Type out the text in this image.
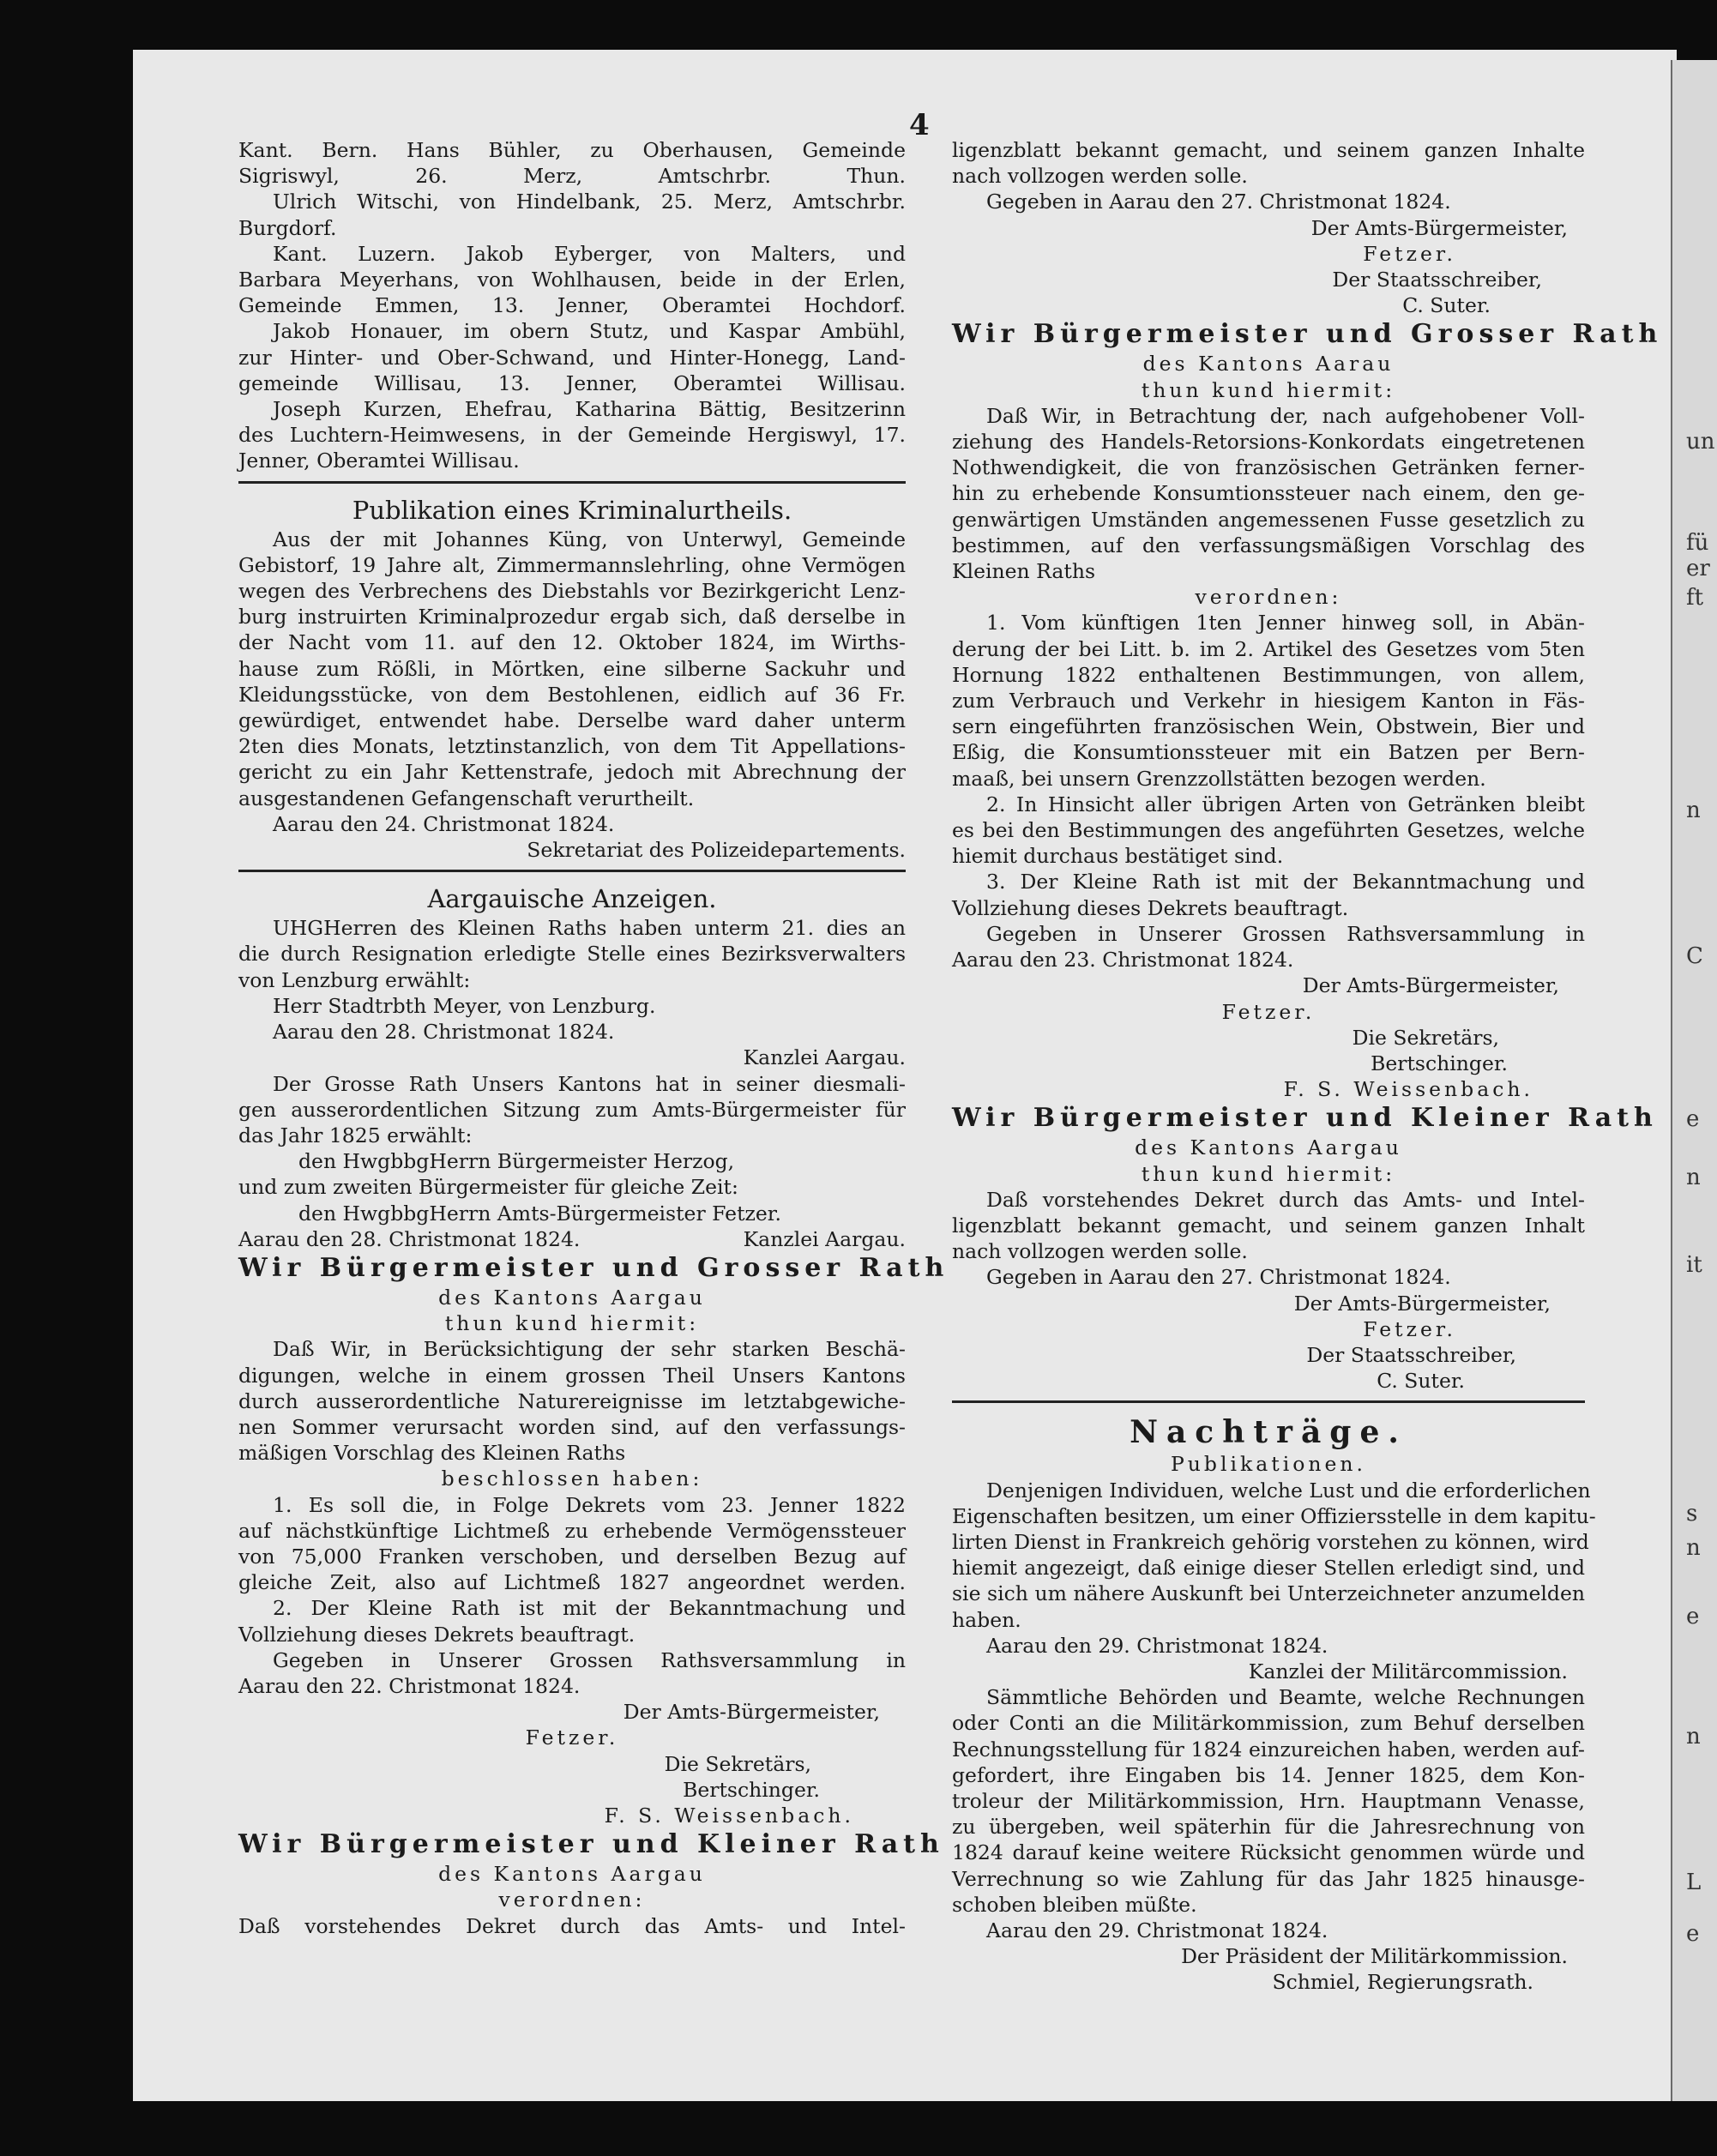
4
Kant. Bern. Hans Bühler, zu Oberhausen, Gemeinde
Sigriswyl, 26. Merz, Amtschrbr. Thun.
Ulrich Witschi, von Hindelbank, 25. Merz, Amtschrbr.
Burgdorf.
Kant. Luzern. Jakob Eyberger, von Malters, und
Barbara Meyerhans, von Wohlhausen, beide in der Erlen,
Gemeinde Emmen, 13. Jenner, Oberamtei Hochdorf.
Jakob Honauer, im obern Stutz, und Kaspar Ambühl,
zur Hinter- und Ober-Schwand, und Hinter-Honegg, Land-
gemeinde Willisau, 13. Jenner, Oberamtei Willisau.
Joseph Kurzen, Ehefrau, Katharina Bättig, Besitzerinn
des Luchtern-Heimwesens, in der Gemeinde Hergiswyl, 17.
Jenner, Oberamtei Willisau.
Publikation eines Kriminalurtheils.
Aus der mit Johannes Küng, von Unterwyl, Gemeinde
Gebistorf, 19 Jahre alt, Zimmermannslehrling, ohne Vermögen
wegen des Verbrechens des Diebstahls vor Bezirkgericht Lenz-
burg instruirten Kriminalprozedur ergab sich, daß derselbe in
der Nacht vom 11. auf den 12. Oktober 1824, im Wirths-
hause zum Rößli, in Mörtken, eine silberne Sackuhr und
Kleidungsstücke, von dem Bestohlenen, eidlich auf 36 Fr.
gewürdiget, entwendet habe. Derselbe ward daher unterm
2ten dies Monats, letztinstanzlich, von dem Tit Appellations-
gericht zu ein Jahr Kettenstrafe, jedoch mit Abrechnung der
ausgestandenen Gefangenschaft verurtheilt.
Aarau den 24. Christmonat 1824.
Sekretariat des Polizeidepartements.
Aargauische Anzeigen.
UHGHerren des Kleinen Raths haben unterm 21. dies an
die durch Resignation erledigte Stelle eines Bezirksverwalters
von Lenzburg erwählt:
Herr Stadtrbth Meyer, von Lenzburg.
Aarau den 28. Christmonat 1824.
Kanzlei Aargau.
Der Grosse Rath Unsers Kantons hat in seiner diesmali-
gen ausserordentlichen Sitzung zum Amts-Bürgermeister für
das Jahr 1825 erwählt:
den HwgbbgHerrn Bürgermeister Herzog,
und zum zweiten Bürgermeister für gleiche Zeit:
den HwgbbgHerrn Amts-Bürgermeister Fetzer.
Aarau den 28. Christmonat 1824.	Kanzlei Aargau.
Wir Bürgermeister und Grosser Rath
des Kantons Aargau
thun kund hiermit:
Daß Wir, in Berücksichtigung der sehr starken Beschä-
digungen, welche in einem grossen Theil Unsers Kantons
durch ausserordentliche Naturereignisse im letztabgewiche-
nen Sommer verursacht worden sind, auf den verfassungs-
mäßigen Vorschlag des Kleinen Raths
beschlossen haben:
1. Es soll die, in Folge Dekrets vom 23. Jenner 1822
auf nächstkünftige Lichtmeß zu erhebende Vermögenssteuer
von 75,000 Franken verschoben, und derselben Bezug auf
gleiche Zeit, also auf Lichtmeß 1827 angeordnet werden.
2. Der Kleine Rath ist mit der Bekanntmachung und
Vollziehung dieses Dekrets beauftragt.
Gegeben in Unserer Grossen Rathsversammlung in
Aarau den 22. Christmonat 1824.
Der Amts-Bürgermeister,
Fetzer.
Die Sekretärs,
Bertschinger.
F. S. Weissenbach.
Wir Bürgermeister und Kleiner Rath
des Kantons Aargau
verordnen:
Daß vorstehendes Dekret durch das Amts- und Intel-
ligenzblatt bekannt gemacht, und seinem ganzen Inhalte
nach vollzogen werden solle.
Gegeben in Aarau den 27. Christmonat 1824.
Der Amts-Bürgermeister,
Fetzer.
Der Staatsschreiber,
C. Suter.
Wir Bürgermeister und Grosser Rath
des Kantons Aarau
thun kund hiermit:
Daß Wir, in Betrachtung der, nach aufgehobener Voll-
ziehung des Handels-Retorsions-Konkordats eingetretenen
Nothwendigkeit, die von französischen Getränken ferner-
hin zu erhebende Konsumtionssteuer nach einem, den ge-
genwärtigen Umständen angemessenen Fusse gesetzlich zu
bestimmen, auf den verfassungsmäßigen Vorschlag des
Kleinen Raths
verordnen:
1. Vom künftigen 1ten Jenner hinweg soll, in Abän-
derung der bei Litt. b. im 2. Artikel des Gesetzes vom 5ten
Hornung 1822 enthaltenen Bestimmungen, von allem,
zum Verbrauch und Verkehr in hiesigem Kanton in Fäs-
sern eingeführten französischen Wein, Obstwein, Bier und
Eßig, die Konsumtionssteuer mit ein Batzen per Bern-
maaß, bei unsern Grenzzollstätten bezogen werden.
2. In Hinsicht aller übrigen Arten von Getränken bleibt
es bei den Bestimmungen des angeführten Gesetzes, welche
hiemit durchaus bestätiget sind.
3. Der Kleine Rath ist mit der Bekanntmachung und
Vollziehung dieses Dekrets beauftragt.
Gegeben in Unserer Grossen Rathsversammlung in
Aarau den 23. Christmonat 1824.
Der Amts-Bürgermeister,
Fetzer.
Die Sekretärs,
Bertschinger.
F. S. Weissenbach.
Wir Bürgermeister und Kleiner Rath
des Kantons Aargau
thun kund hiermit:
Daß vorstehendes Dekret durch das Amts- und Intel-
ligenzblatt bekannt gemacht, und seinem ganzen Inhalt
nach vollzogen werden solle.
Gegeben in Aarau den 27. Christmonat 1824.
Der Amts-Bürgermeister,
Fetzer.
Der Staatsschreiber,
C. Suter.
Nachträge.
Publikationen.
Denjenigen Individuen, welche Lust und die erforderlichen
Eigenschaften besitzen, um einer Offiziersstelle in dem kapitu-
lirten Dienst in Frankreich gehörig vorstehen zu können, wird
hiemit angezeigt, daß einige dieser Stellen erledigt sind, und
sie sich um nähere Auskunft bei Unterzeichneter anzumelden
haben.
Aarau den 29. Christmonat 1824.
Kanzlei der Militärcommission.
Sämmtliche Behörden und Beamte, welche Rechnungen
oder Conti an die Militärkommission, zum Behuf derselben
Rechnungsstellung für 1824 einzureichen haben, werden auf-
gefordert, ihre Eingaben bis 14. Jenner 1825, dem Kon-
troleur der Militärkommission, Hrn. Hauptmann Venasse,
zu übergeben, weil späterhin für die Jahresrechnung von
1824 darauf keine weitere Rücksicht genommen würde und
Verrechnung so wie Zahlung für das Jahr 1825 hinausge-
schoben bleiben müßte.
Aarau den 29. Christmonat 1824.
Der Präsident der Militärkommission.
Schmiel, Regierungsrath.
un
fü
er
ft
n
C
e
n
it
s
n
e
n
L
e
